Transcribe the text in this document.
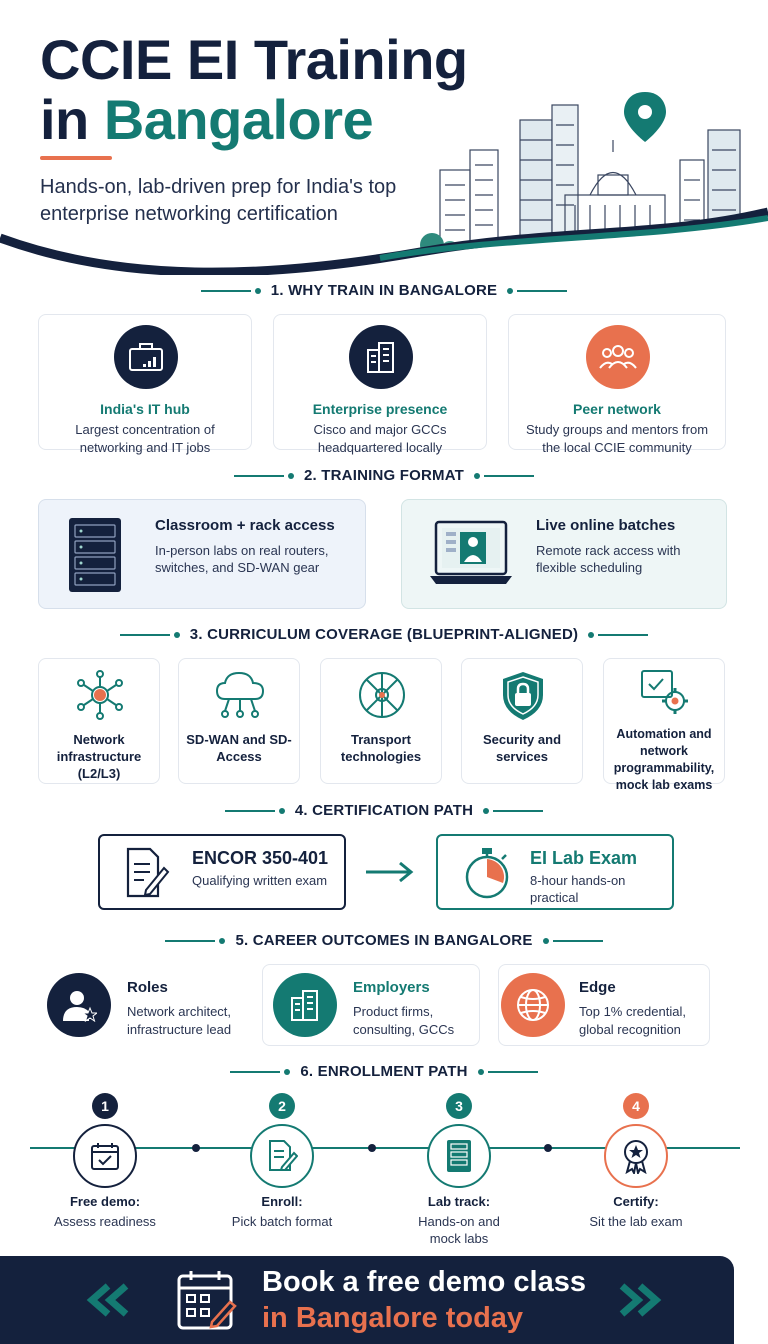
CCIE EI Training
in Bangalore
Hands-on, lab-driven prep for India's top enterprise networking certification
1. WHY TRAIN IN BANGALORE
India's IT hub
Largest concentration of networking and IT jobs
Enterprise presence
Cisco and major GCCs headquartered locally
Peer network
Study groups and mentors from the local CCIE community
2. TRAINING FORMAT
Classroom + rack access
In-person labs on real routers, switches, and SD-WAN gear
Live online batches
Remote rack access with flexible scheduling
3. CURRICULUM COVERAGE (BLUEPRINT-ALIGNED)
Network infrastructure (L2/L3)
SD-WAN and SD-Access
Transport technologies
Security and services
Automation and network programmability, mock lab exams
4. CERTIFICATION PATH
ENCOR 350-401
Qualifying written exam
EI Lab Exam
8-hour hands-on practical
5. CAREER OUTCOMES IN BANGALORE
Roles
Network architect, infrastructure lead
Employers
Product firms, consulting, GCCs
Edge
Top 1% credential, global recognition
6. ENROLLMENT PATH
1
Free demo:
Assess readiness
2
Enroll:
Pick batch format
3
Lab track:
Hands-on and mock labs
4
Certify:
Sit the lab exam
Book a free demo class
in Bangalore today
